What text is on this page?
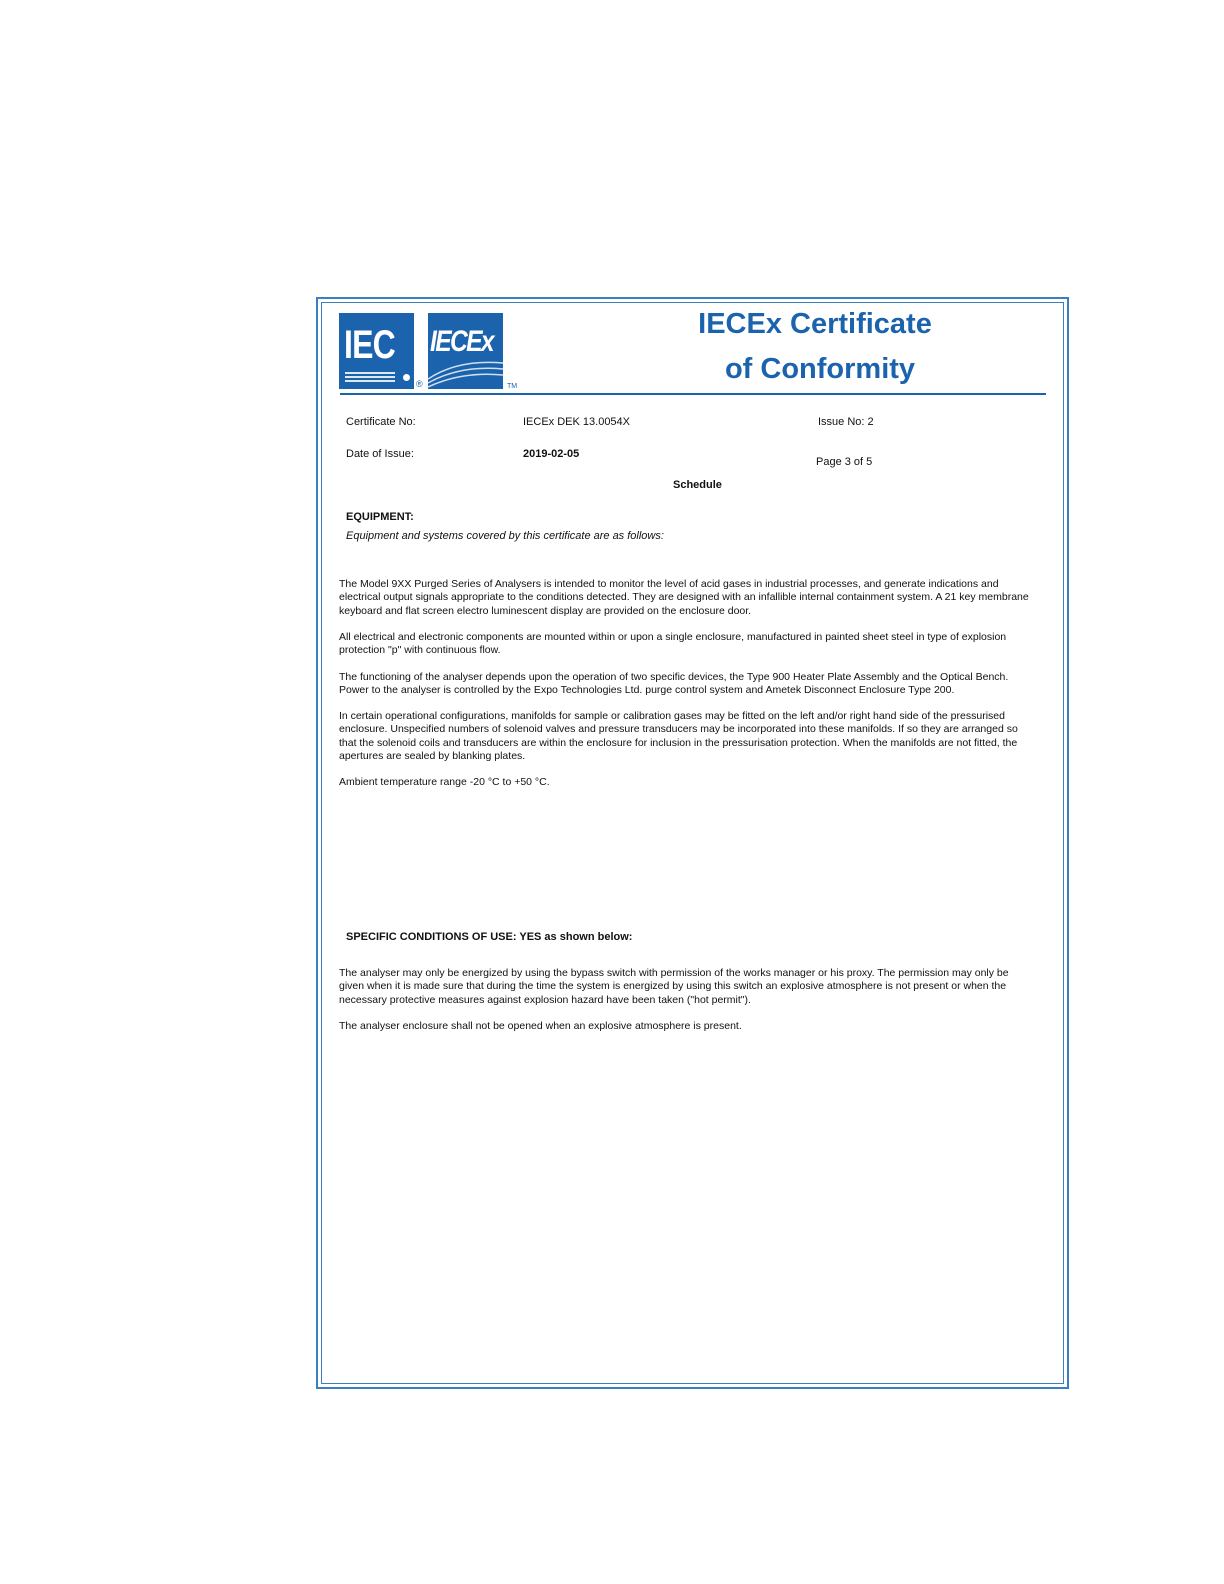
IEC
®
IECEx
TM
IECEx Certificate
of Conformity
Certificate No:	IECEx DEK 13.0054X	Issue No: 2
Date of Issue:	2019-02-05
Page 3 of 5
Schedule
EQUIPMENT:
Equipment and systems covered by this certificate are as follows:
The Model 9XX Purged Series of Analysers is intended to monitor the level of acid gases in industrial processes, and generate indications and electrical output signals appropriate to the conditions detected. They are designed with an infallible internal containment system. A 21 key membrane keyboard and flat screen electro luminescent display are provided on the enclosure door.
All electrical and electronic components are mounted within or upon a single enclosure, manufactured in painted sheet steel in type of explosion protection "p" with continuous flow.
The functioning of the analyser depends upon the operation of two specific devices, the Type 900 Heater Plate Assembly and the Optical Bench. Power to the analyser is controlled by the Expo Technologies Ltd. purge control system and Ametek Disconnect Enclosure Type 200.
In certain operational configurations, manifolds for sample or calibration gases may be fitted on the left and/or right hand side of the pressurised enclosure. Unspecified numbers of solenoid valves and pressure transducers may be incorporated into these manifolds. If so they are arranged so that the solenoid coils and transducers are within the enclosure for inclusion in the pressurisation protection. When the manifolds are not fitted, the apertures are sealed by blanking plates.
Ambient temperature range -20 °C to +50 °C.
SPECIFIC CONDITIONS OF USE: YES as shown below:
The analyser may only be energized by using the bypass switch with permission of the works manager or his proxy. The permission may only be given when it is made sure that during the time the system is energized by using this switch an explosive atmosphere is not present or when the necessary protective measures against explosion hazard have been taken ("hot permit").
The analyser enclosure shall not be opened when an explosive atmosphere is present.
